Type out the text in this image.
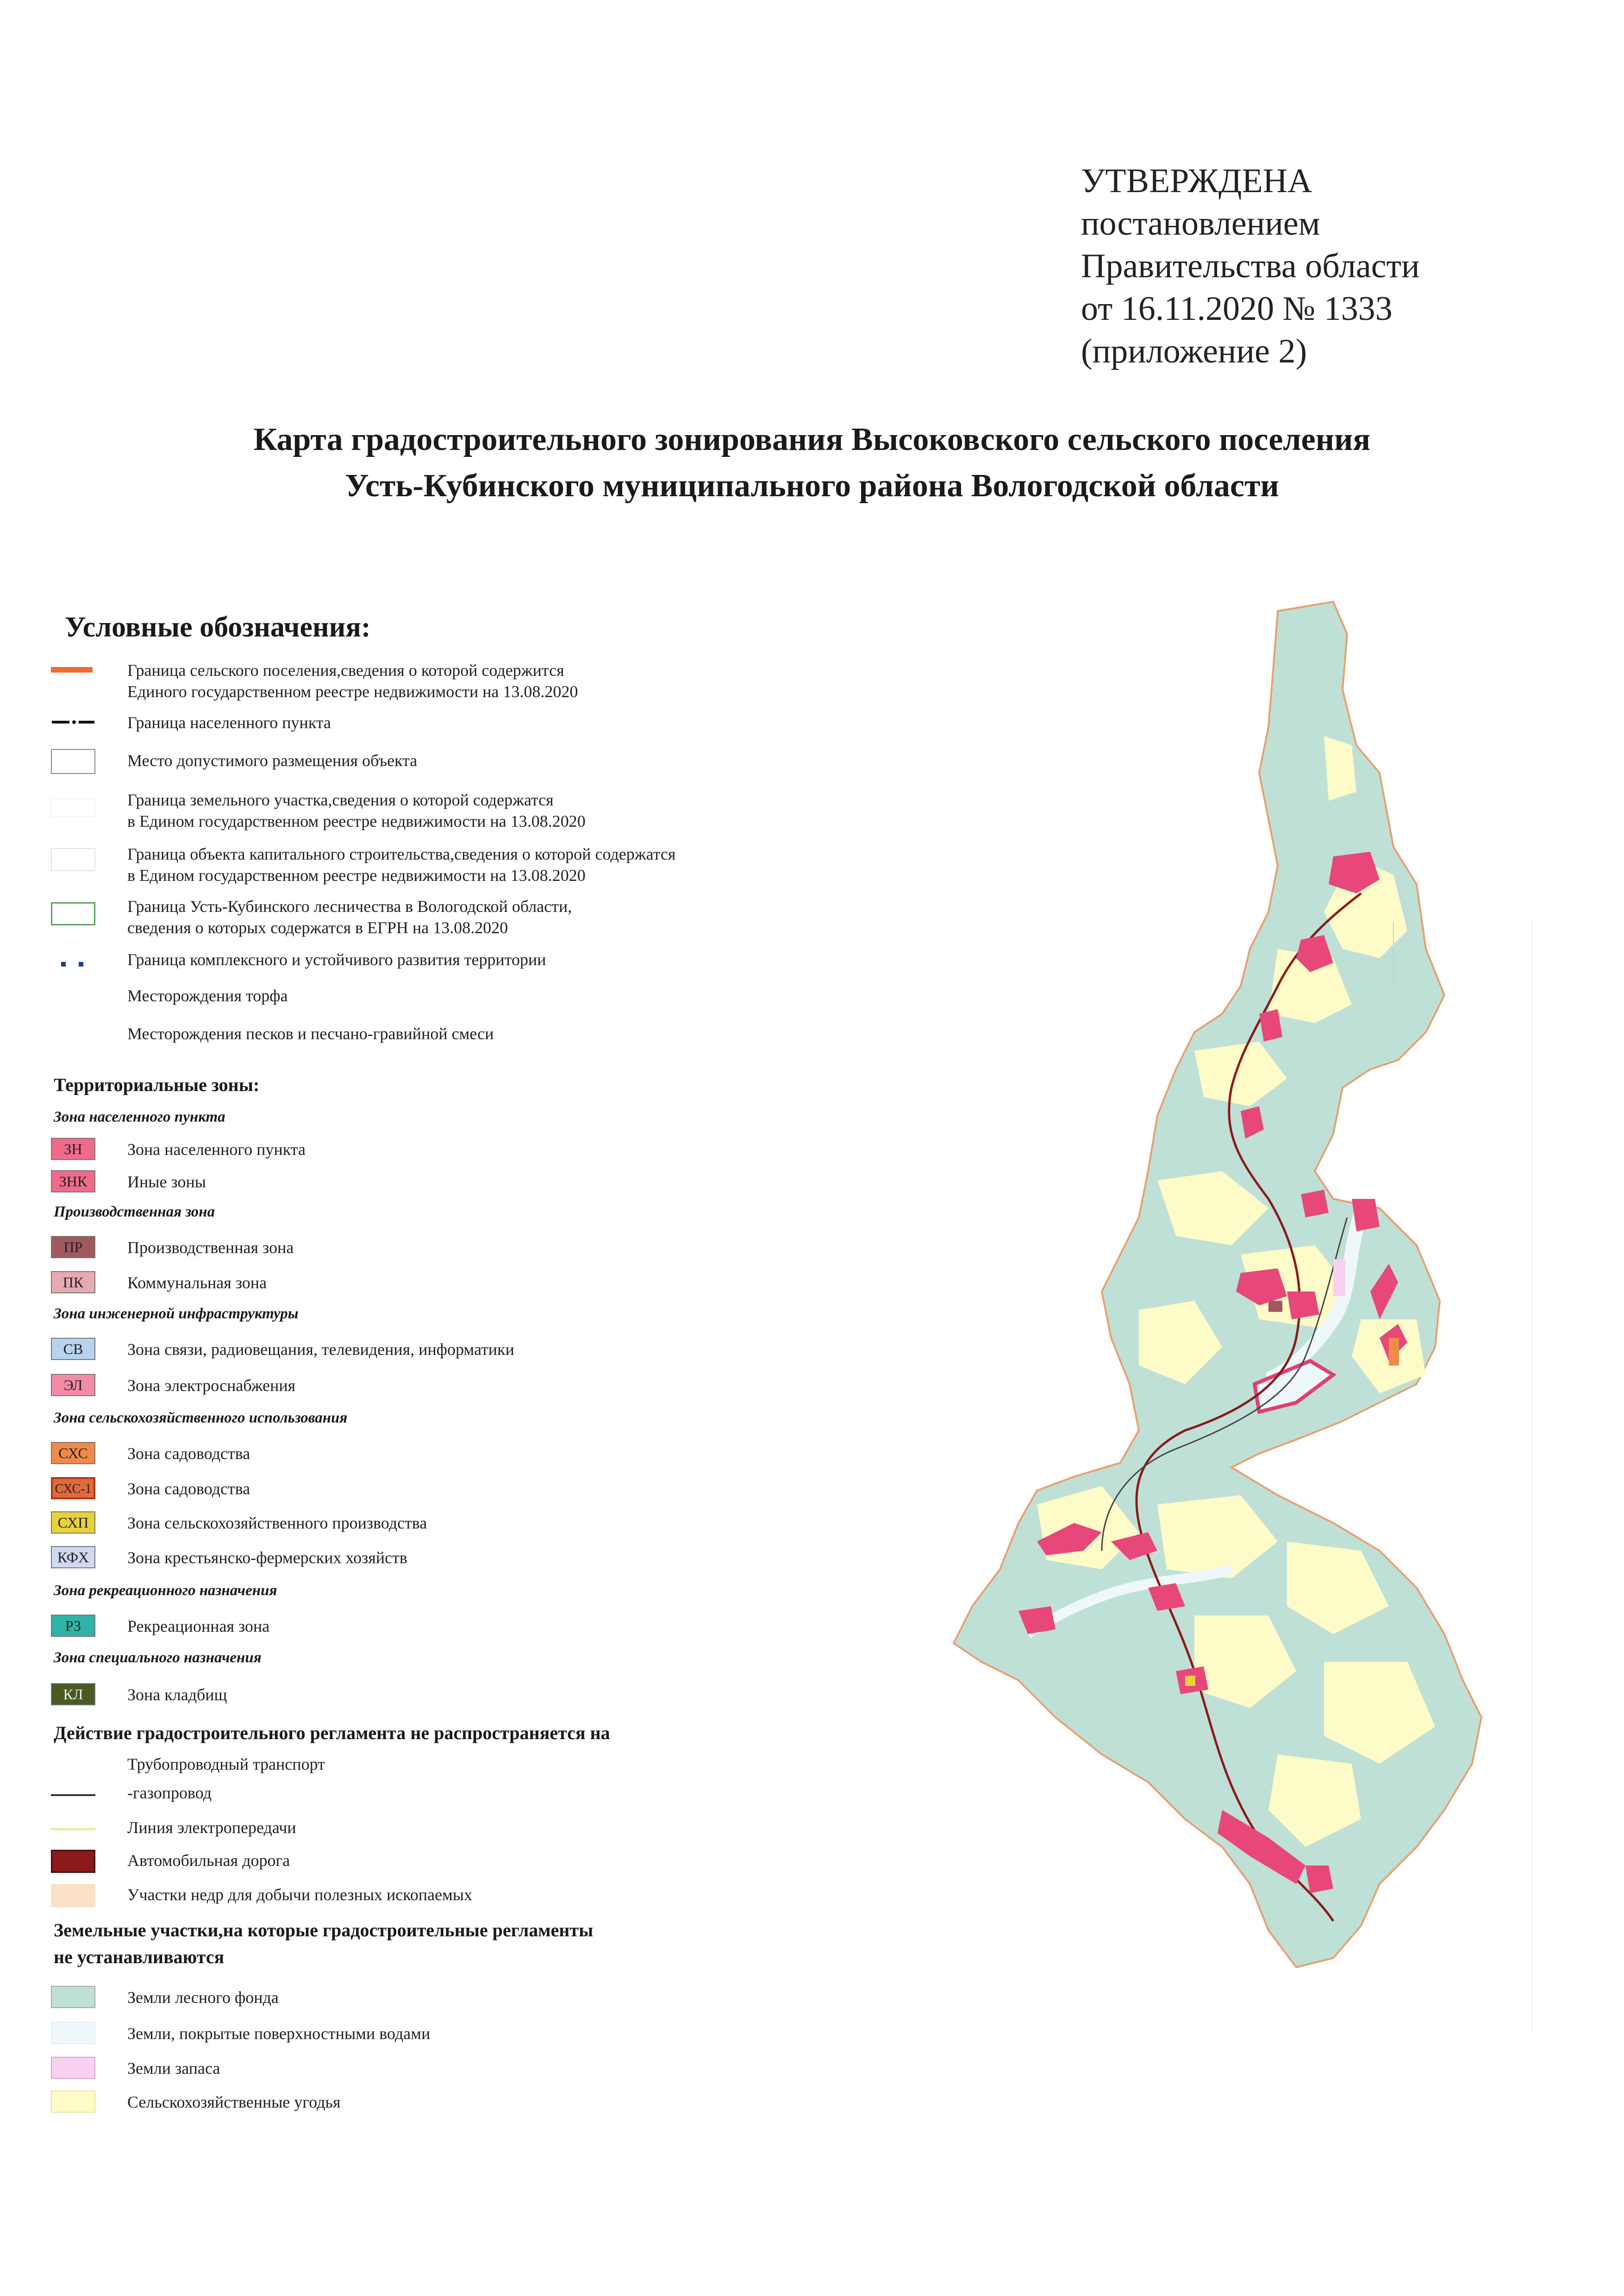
УТВЕРЖДЕНА
постановлением
Правительства области
от 16.11.2020 № 1333
(приложение 2)
Карта градостроительного зонирования Высоковского сельского поселения
Усть-Кубинского муниципального района Вологодской области
Условные обозначения:
Граница сельского поселения,сведения о которой содержится
Единого государственном реестре недвижимости на 13.08.2020
Граница населенного пункта
Место допустимого размещения объекта
Граница земельного участка,сведения о которой содержатся
в Едином государственном реестре недвижимости на 13.08.2020
Граница объекта капитального строительства,сведения о которой содержатся
в Едином государственном реестре недвижимости на 13.08.2020
Граница Усть-Кубинского лесничества в Вологодской области,
сведения о которых содержатся в ЕГРН на 13.08.2020
Граница комплексного и устойчивого развития территории
Месторождения торфа
Месторождения песков и песчано-гравийной смеси
Территориальные зоны:
Зона населенного пункта
ЗН	Зона населенного пункта
ЗНК	Иные зоны
Производственная зона
ПР	Производственная зона
ПК	Коммунальная зона
Зона инженерной инфраструктуры
СВ	Зона связи, радиовещания, телевидения, информатики
ЭЛ	Зона электроснабжения
Зона сельскохозяйственного использования
СХС	Зона садоводства
СХС-1 Зона садоводства
СХП	Зона сельскохозяйственного производства
КФХ	Зона крестьянско-фермерских хозяйств
Зона рекреационного назначения
РЗ	Рекреационная зона
Зона специального назначения
КЛ	Зона кладбищ
Действие градостроительного регламента не распространяется на
Трубопроводный транспорт
-газопровод
Линия электропередачи
Автомобильная дорога
Участки недр для добычи полезных ископаемых
Земельные участки,на которые градостроительные регламенты
не устанавливаются
Земли лесного фонда
Земли, покрытые поверхностными водами
Земли запаса
Сельскохозяйственные угодья
